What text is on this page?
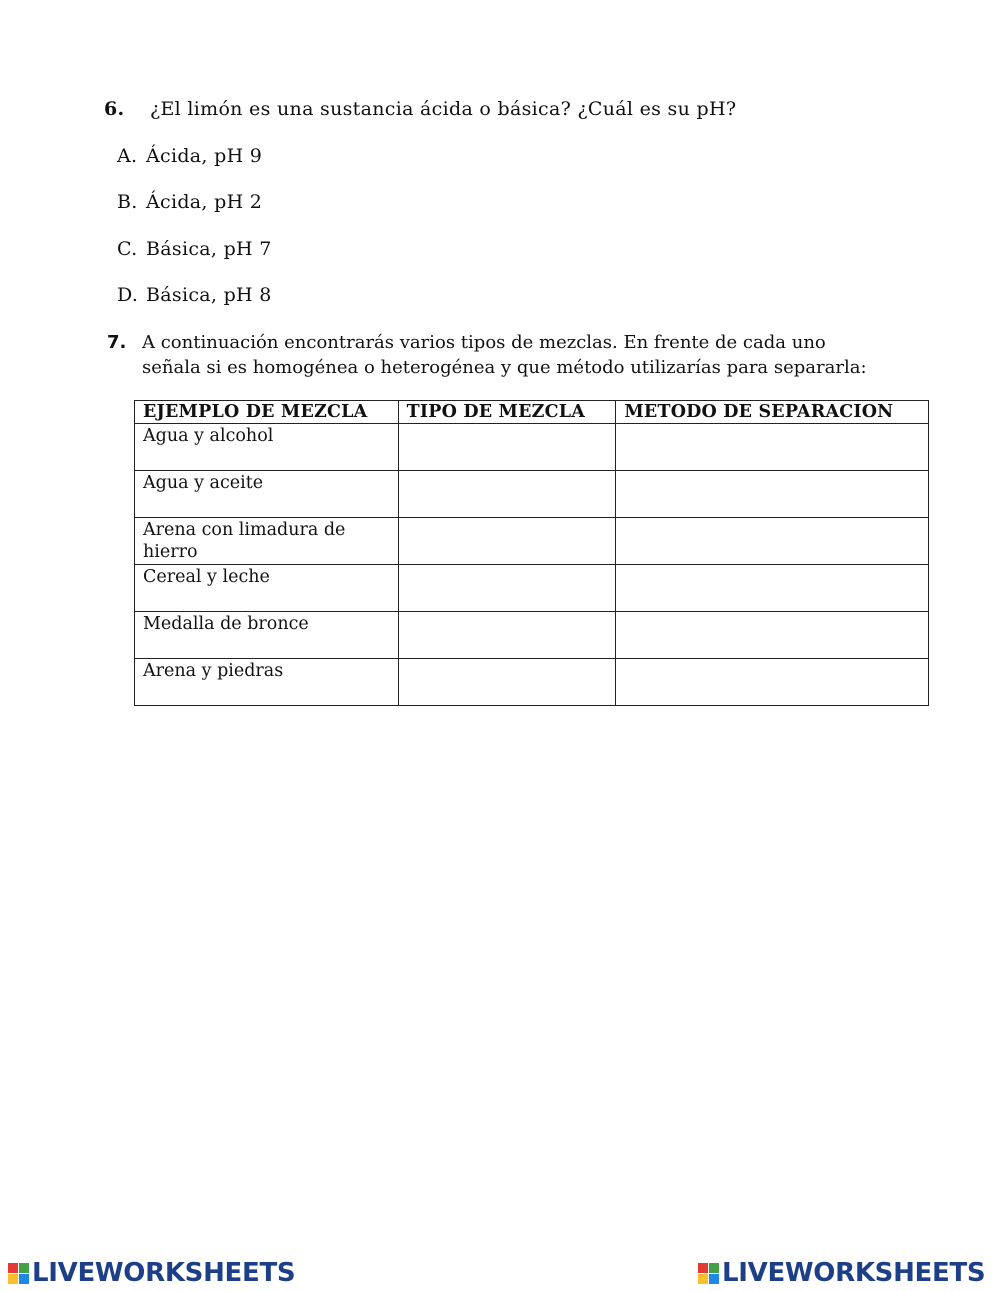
6. ¿El limón es una sustancia ácida o básica? ¿Cuál es su pH?
A. Ácida, pH 9
B. Ácida, pH 2
C. Básica, pH 7
D. Básica, pH 8
7. A continuación encontrarás varios tipos de mezclas. En frente de cada uno
señala si es homogénea o heterogénea y que método utilizarías para separarla:
EJEMPLO DE MEZCLA	TIPO DE MEZCLA	METODO DE SEPARACION
Agua y alcohol		
Agua y aceite		
Arena con limadura de hierro		
Cereal y leche		
Medalla de bronce		
Arena y piedras		
LIVEWORKSHEETS	LIVEWORKSHEETS
